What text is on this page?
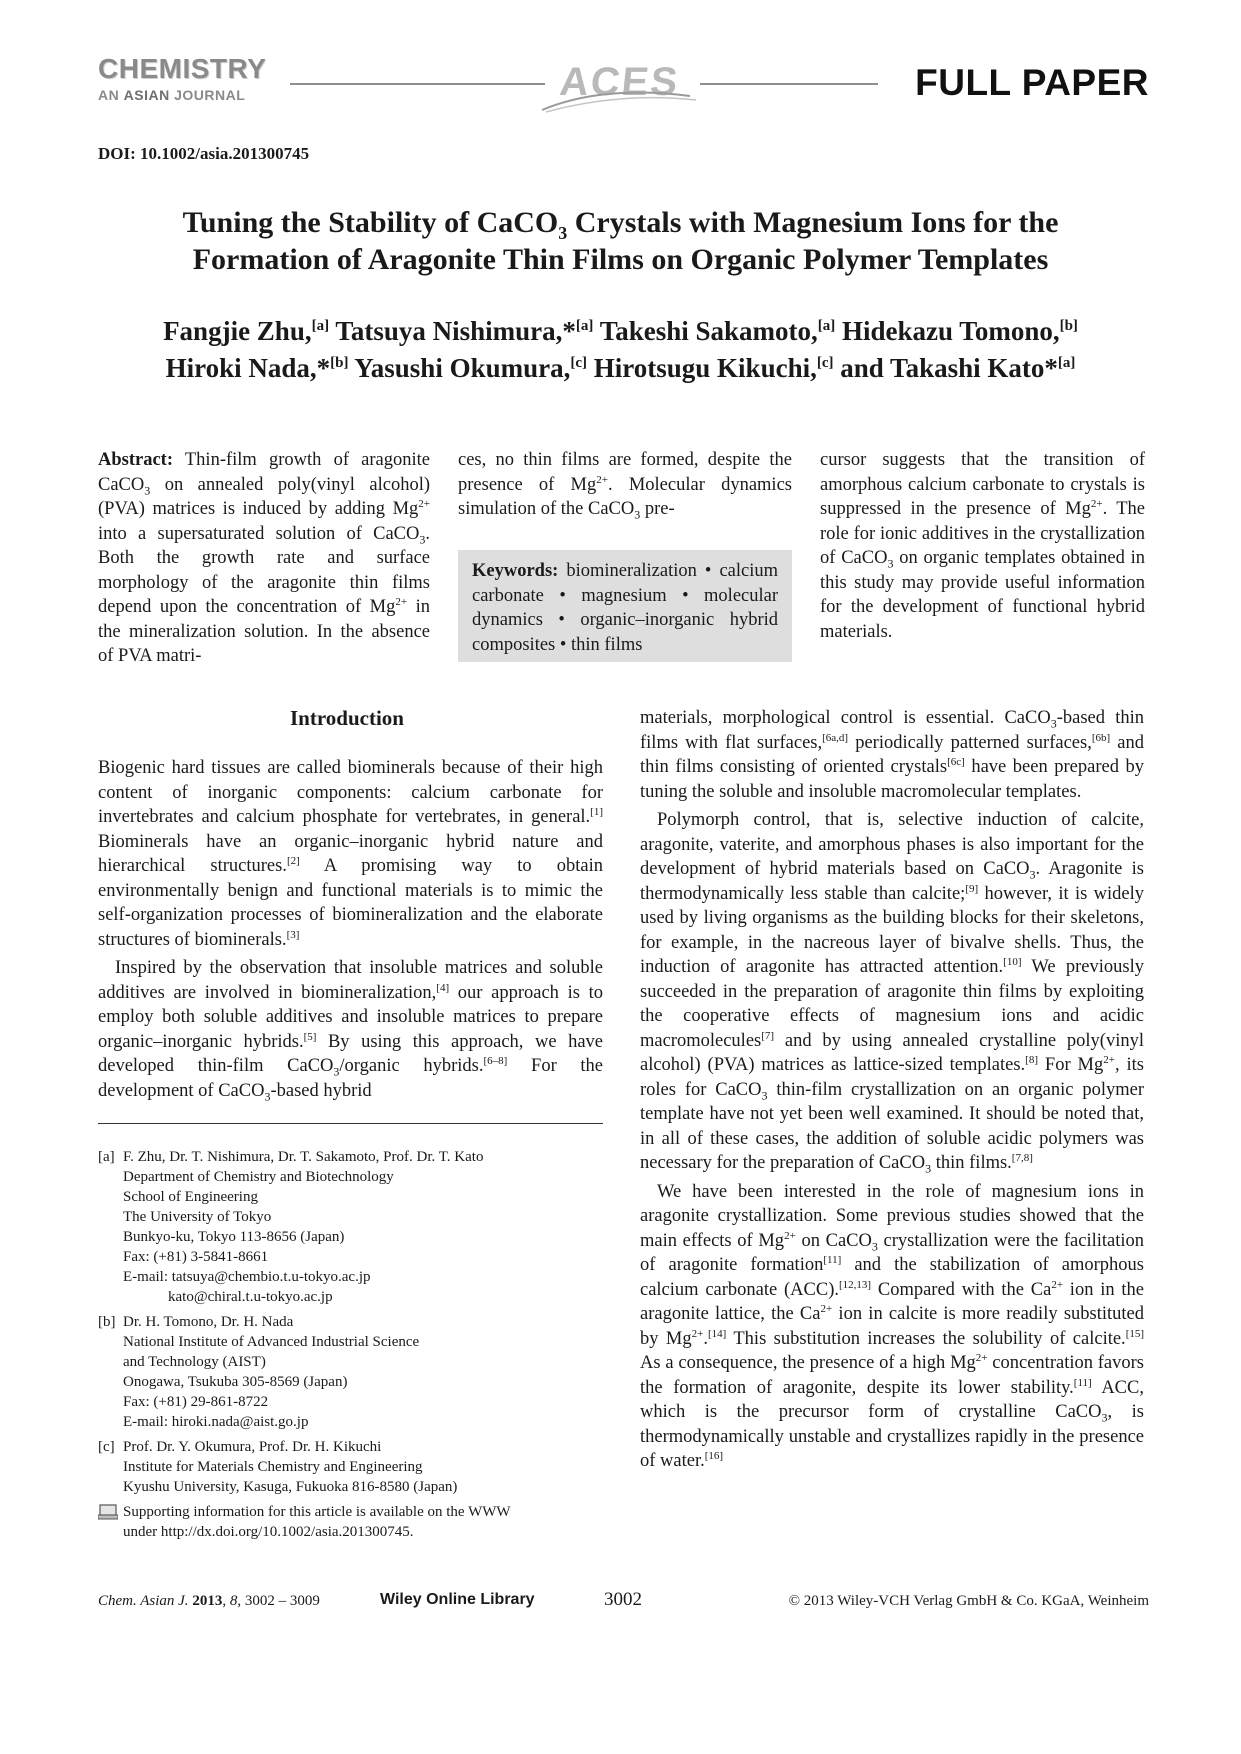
CHEMISTRY
AN ASIAN JOURNAL	ACES	FULL PAPER
DOI: 10.1002/asia.201300745
Tuning the Stability of CaCO$_3$ Crystals with Magnesium Ions for the
Formation of Aragonite Thin Films on Organic Polymer Templates
Fangjie Zhu,[a] Tatsuya Nishimura,*[a] Takeshi Sakamoto,[a] Hidekazu Tomono,[b]
Hiroki Nada,*[b] Yasushi Okumura,[c] Hirotsugu Kikuchi,[c] and Takashi Kato*[a]
Abstract: Thin-film growth of aragonite CaCO$_3$ on annealed poly(vinyl alcohol) (PVA) matrices is induced by adding $Mg^{2+}$ into a supersaturated solution of CaCO$_3$. Both the growth rate and surface morphology of the aragonite thin films depend upon the concentration of $Mg^{2+}$ in the mineralization solution. In the absence of PVA matri-
ces, no thin films are formed, despite the presence of $Mg^{2+}$. Molecular dynamics simulation of the CaCO$_3$ pre-
Keywords: biomineralization • calcium carbonate • magnesium • molecular dynamics • organic–inorganic hybrid composites • thin films
cursor suggests that the transition of amorphous calcium carbonate to crystals is suppressed in the presence of $Mg^{2+}$. The role for ionic additives in the crystallization of CaCO$_3$ on organic templates obtained in this study may provide useful information for the development of functional hybrid materials.
Introduction

Biogenic hard tissues are called biominerals because of their high content of inorganic components: calcium carbonate for invertebrates and calcium phosphate for vertebrates, in general.[1] Biominerals have an organic–inorganic hybrid nature and hierarchical structures.[2] A promising way to obtain environmentally benign and functional materials is to mimic the self-organization processes of biomineralization and the elaborate structures of biominerals.[3]

Inspired by the observation that insoluble matrices and soluble additives are involved in biomineralization,[4] our approach is to employ both soluble additives and insoluble matrices to prepare organic–inorganic hybrids.[5] By using this approach, we have developed thin-film CaCO$_3$/organic hybrids.[6–8] For the development of CaCO$_3$-based hybrid

[a] F. Zhu, Dr. T. Nishimura, Dr. T. Sakamoto, Prof. Dr. T. Kato
Department of Chemistry and Biotechnology
School of Engineering
The University of Tokyo
Bunkyo-ku, Tokyo 113-8656 (Japan)
Fax: (+81) 3-5841-8661
E-mail: tatsuya@chembio.t.u-tokyo.ac.jp
kato@chiral.t.u-tokyo.ac.jp
[b] Dr. H. Tomono, Dr. H. Nada
National Institute of Advanced Industrial Science
and Technology (AIST)
Onogawa, Tsukuba 305-8569 (Japan)
Fax: (+81) 29-861-8722
E-mail: hiroki.nada@aist.go.jp
[c] Prof. Dr. Y. Okumura, Prof. Dr. H. Kikuchi
Institute for Materials Chemistry and Engineering
Kyushu University, Kasuga, Fukuoka 816-8580 (Japan)
Supporting information for this article is available on the WWW
under http://dx.doi.org/10.1002/asia.201300745.

materials, morphological control is essential. CaCO$_3$-based thin films with flat surfaces,[6a,d] periodically patterned surfaces,[6b] and thin films consisting of oriented crystals[6c] have been prepared by tuning the soluble and insoluble macromolecular templates.

Polymorph control, that is, selective induction of calcite, aragonite, vaterite, and amorphous phases is also important for the development of hybrid materials based on CaCO$_3$. Aragonite is thermodynamically less stable than calcite;[9] however, it is widely used by living organisms as the building blocks for their skeletons, for example, in the nacreous layer of bivalve shells. Thus, the induction of aragonite has attracted attention.[10] We previously succeeded in the preparation of aragonite thin films by exploiting the cooperative effects of magnesium ions and acidic macromolecules[7] and by using annealed crystalline poly(vinyl alcohol) (PVA) matrices as lattice-sized templates.[8] For $Mg^{2+}$, its roles for CaCO$_3$ thin-film crystallization on an organic polymer template have not yet been well examined. It should be noted that, in all of these cases, the addition of soluble acidic polymers was necessary for the preparation of CaCO$_3$ thin films.[7,8]

We have been interested in the role of magnesium ions in aragonite crystallization. Some previous studies showed that the main effects of $Mg^{2+}$ on CaCO$_3$ crystallization were the facilitation of aragonite formation[11] and the stabilization of amorphous calcium carbonate (ACC).[12,13] Compared with the $Ca^{2+}$ ion in the aragonite lattice, the $Ca^{2+}$ ion in calcite is more readily substituted by $Mg^{2+}.[14]$ This substitution increases the solubility of calcite.[15] As a consequence, the presence of a high $Mg^{2+}$ concentration favors the formation of aragonite, despite its lower stability.[11] ACC, which is the precursor form of crystalline CaCO$_3$, is thermodynamically unstable and crystallizes rapidly in the presence of water.[16]

Chem. Asian J. 2013, 8, 3002 – 3009	Wiley Online Library	3002	© 2013 Wiley-VCH Verlag GmbH & Co. KGaA, Weinheim
